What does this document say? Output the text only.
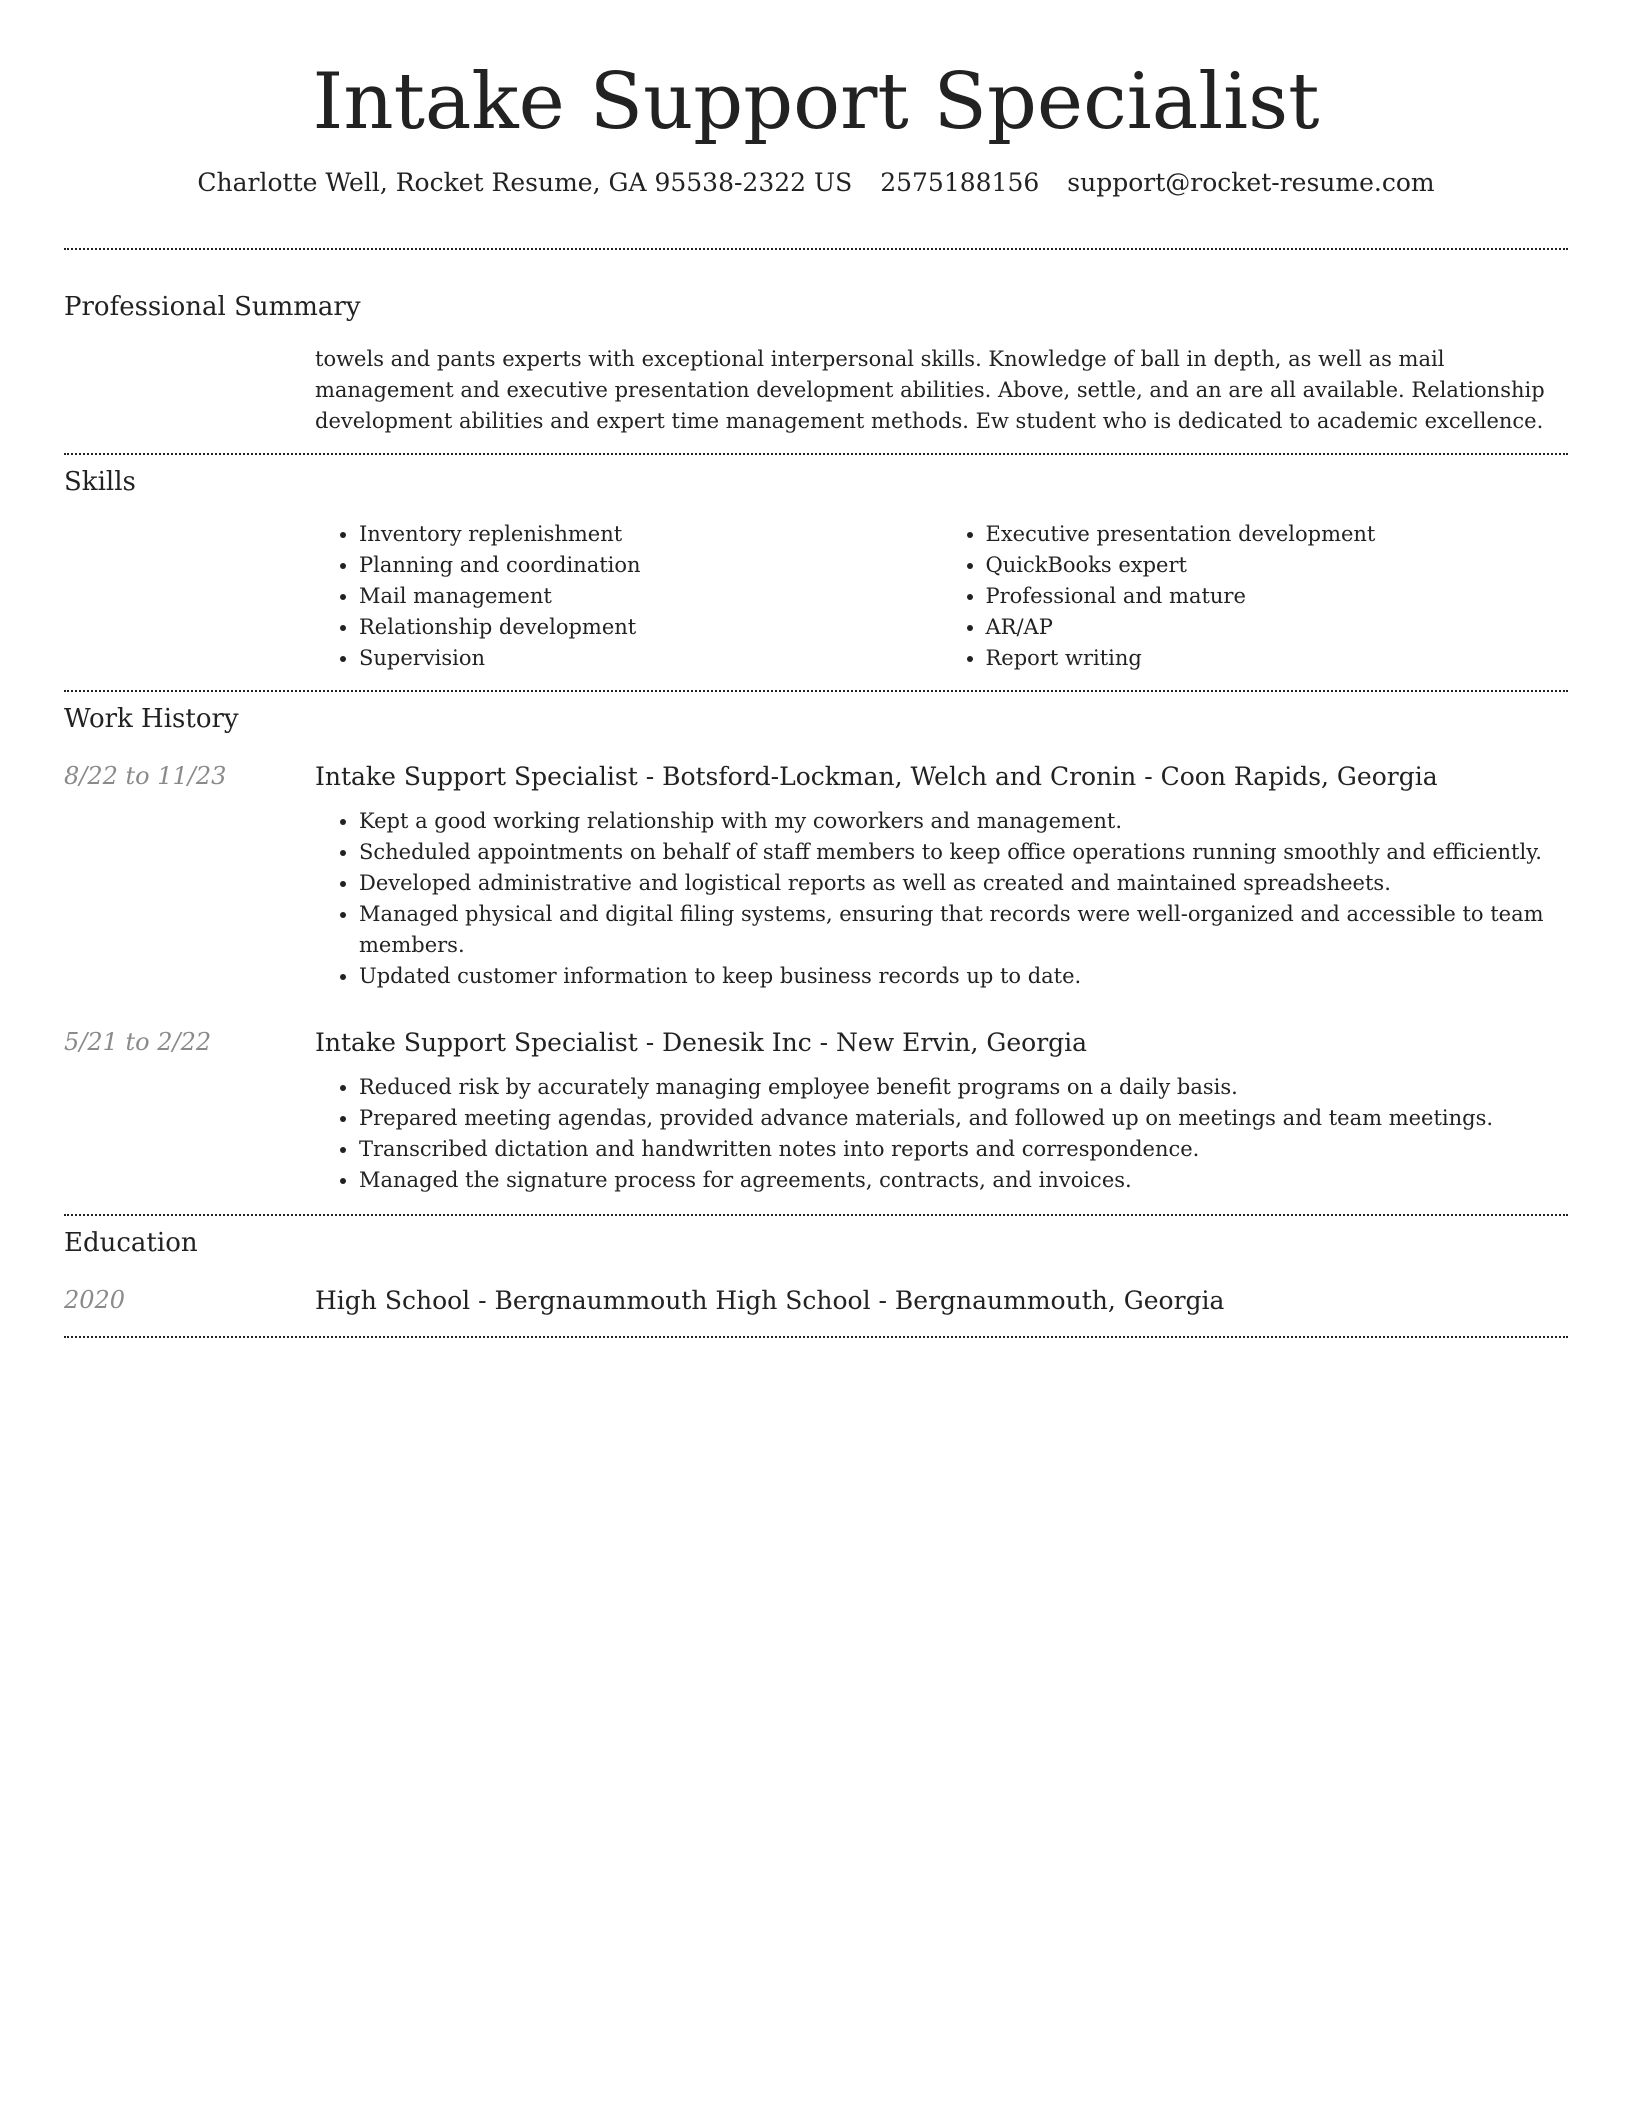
Intake Support Specialist
Charlotte Well, Rocket Resume, GA 95538-2322 US 2575188156 support@rocket-resume.com
Professional Summary

towels and pants experts with exceptional interpersonal skills. Knowledge of ball in depth, as well as mail management and executive presentation development abilities. Above, settle, and an are all available. Relationship development abilities and expert time management methods. Ew student who is dedicated to academic excellence.

Skills
• Inventory replenishment
• Planning and coordination
• Mail management
• Relationship development
• Supervision
• Executive presentation development
• QuickBooks expert
• Professional and mature
• AR/AP
• Report writing
Work History
8/22 to 11/23	Intake Support Specialist - Botsford-Lockman, Welch and Cronin - Coon Rapids, Georgia
• Kept a good working relationship with my coworkers and management.
• Scheduled appointments on behalf of staff members to keep office operations running smoothly and efficiently.
• Developed administrative and logistical reports as well as created and maintained spreadsheets.
• Managed physical and digital filing systems, ensuring that records were well-organized and accessible to team members.
• Updated customer information to keep business records up to date.
5/21 to 2/22	Intake Support Specialist - Denesik Inc - New Ervin, Georgia
• Reduced risk by accurately managing employee benefit programs on a daily basis.
• Prepared meeting agendas, provided advance materials, and followed up on meetings and team meetings.
• Transcribed dictation and handwritten notes into reports and correspondence.
• Managed the signature process for agreements, contracts, and invoices.
Education
2020	High School - Bergnaummouth High School - Bergnaummouth, Georgia
